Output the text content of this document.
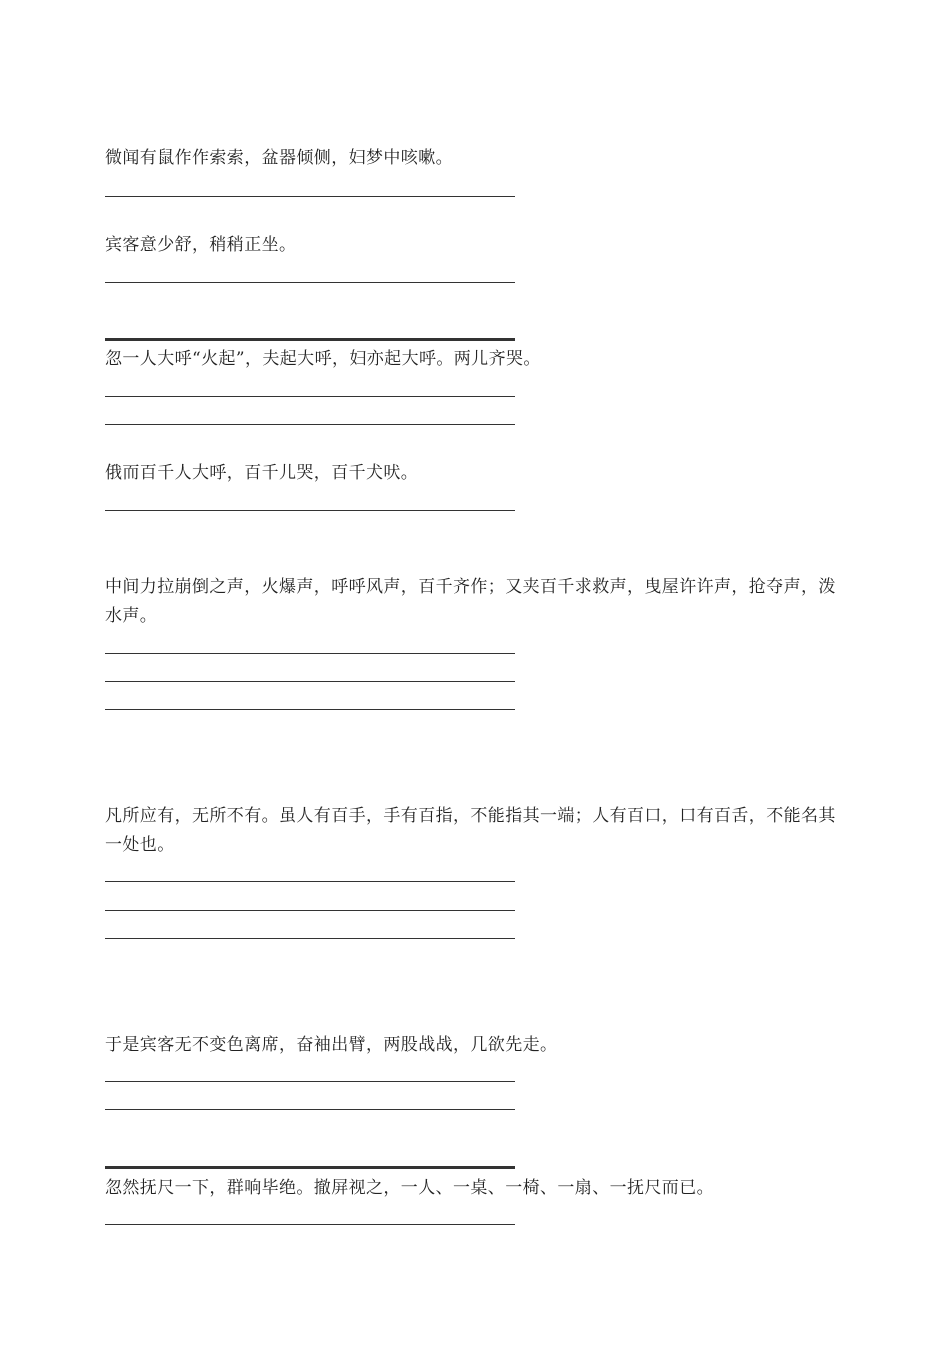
微闻有鼠作作索索，盆器倾侧，妇梦中咳嗽。

宾客意少舒，稍稍正坐。

忽一人大呼“火起”，夫起大呼，妇亦起大呼。两儿齐哭。

俄而百千人大呼，百千儿哭，百千犬吠。

中间力拉崩倒之声，火爆声，呼呼风声，百千齐作；又夹百千求救声，曳屋许许声，抢夺声，泼水声。

凡所应有，无所不有。虽人有百手，手有百指，不能指其一端；人有百口，口有百舌，不能名其一处也。

于是宾客无不变色离席，奋袖出臂，两股战战，几欲先走。

忽然抚尺一下，群响毕绝。撤屏视之，一人、一桌、一椅、一扇、一抚尺而已。
